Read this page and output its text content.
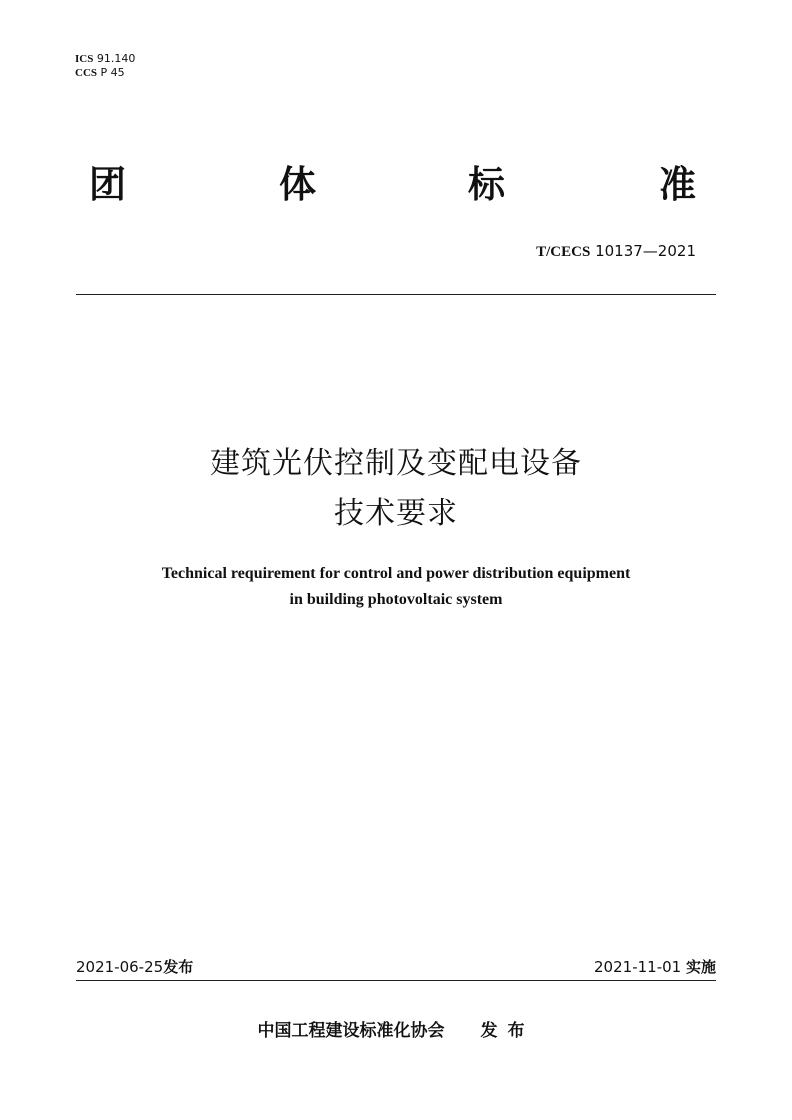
ICS 91.140
CCS P 45
团	体	标	准
T/CECS 10137—2021
建筑光伏控制及变配电设备
技术要求
Technical requirement for control and power distribution equipment
in building photovoltaic system
2021-06-25发布	2021-11-01 实施
中国工程建设标准化协会 发布
